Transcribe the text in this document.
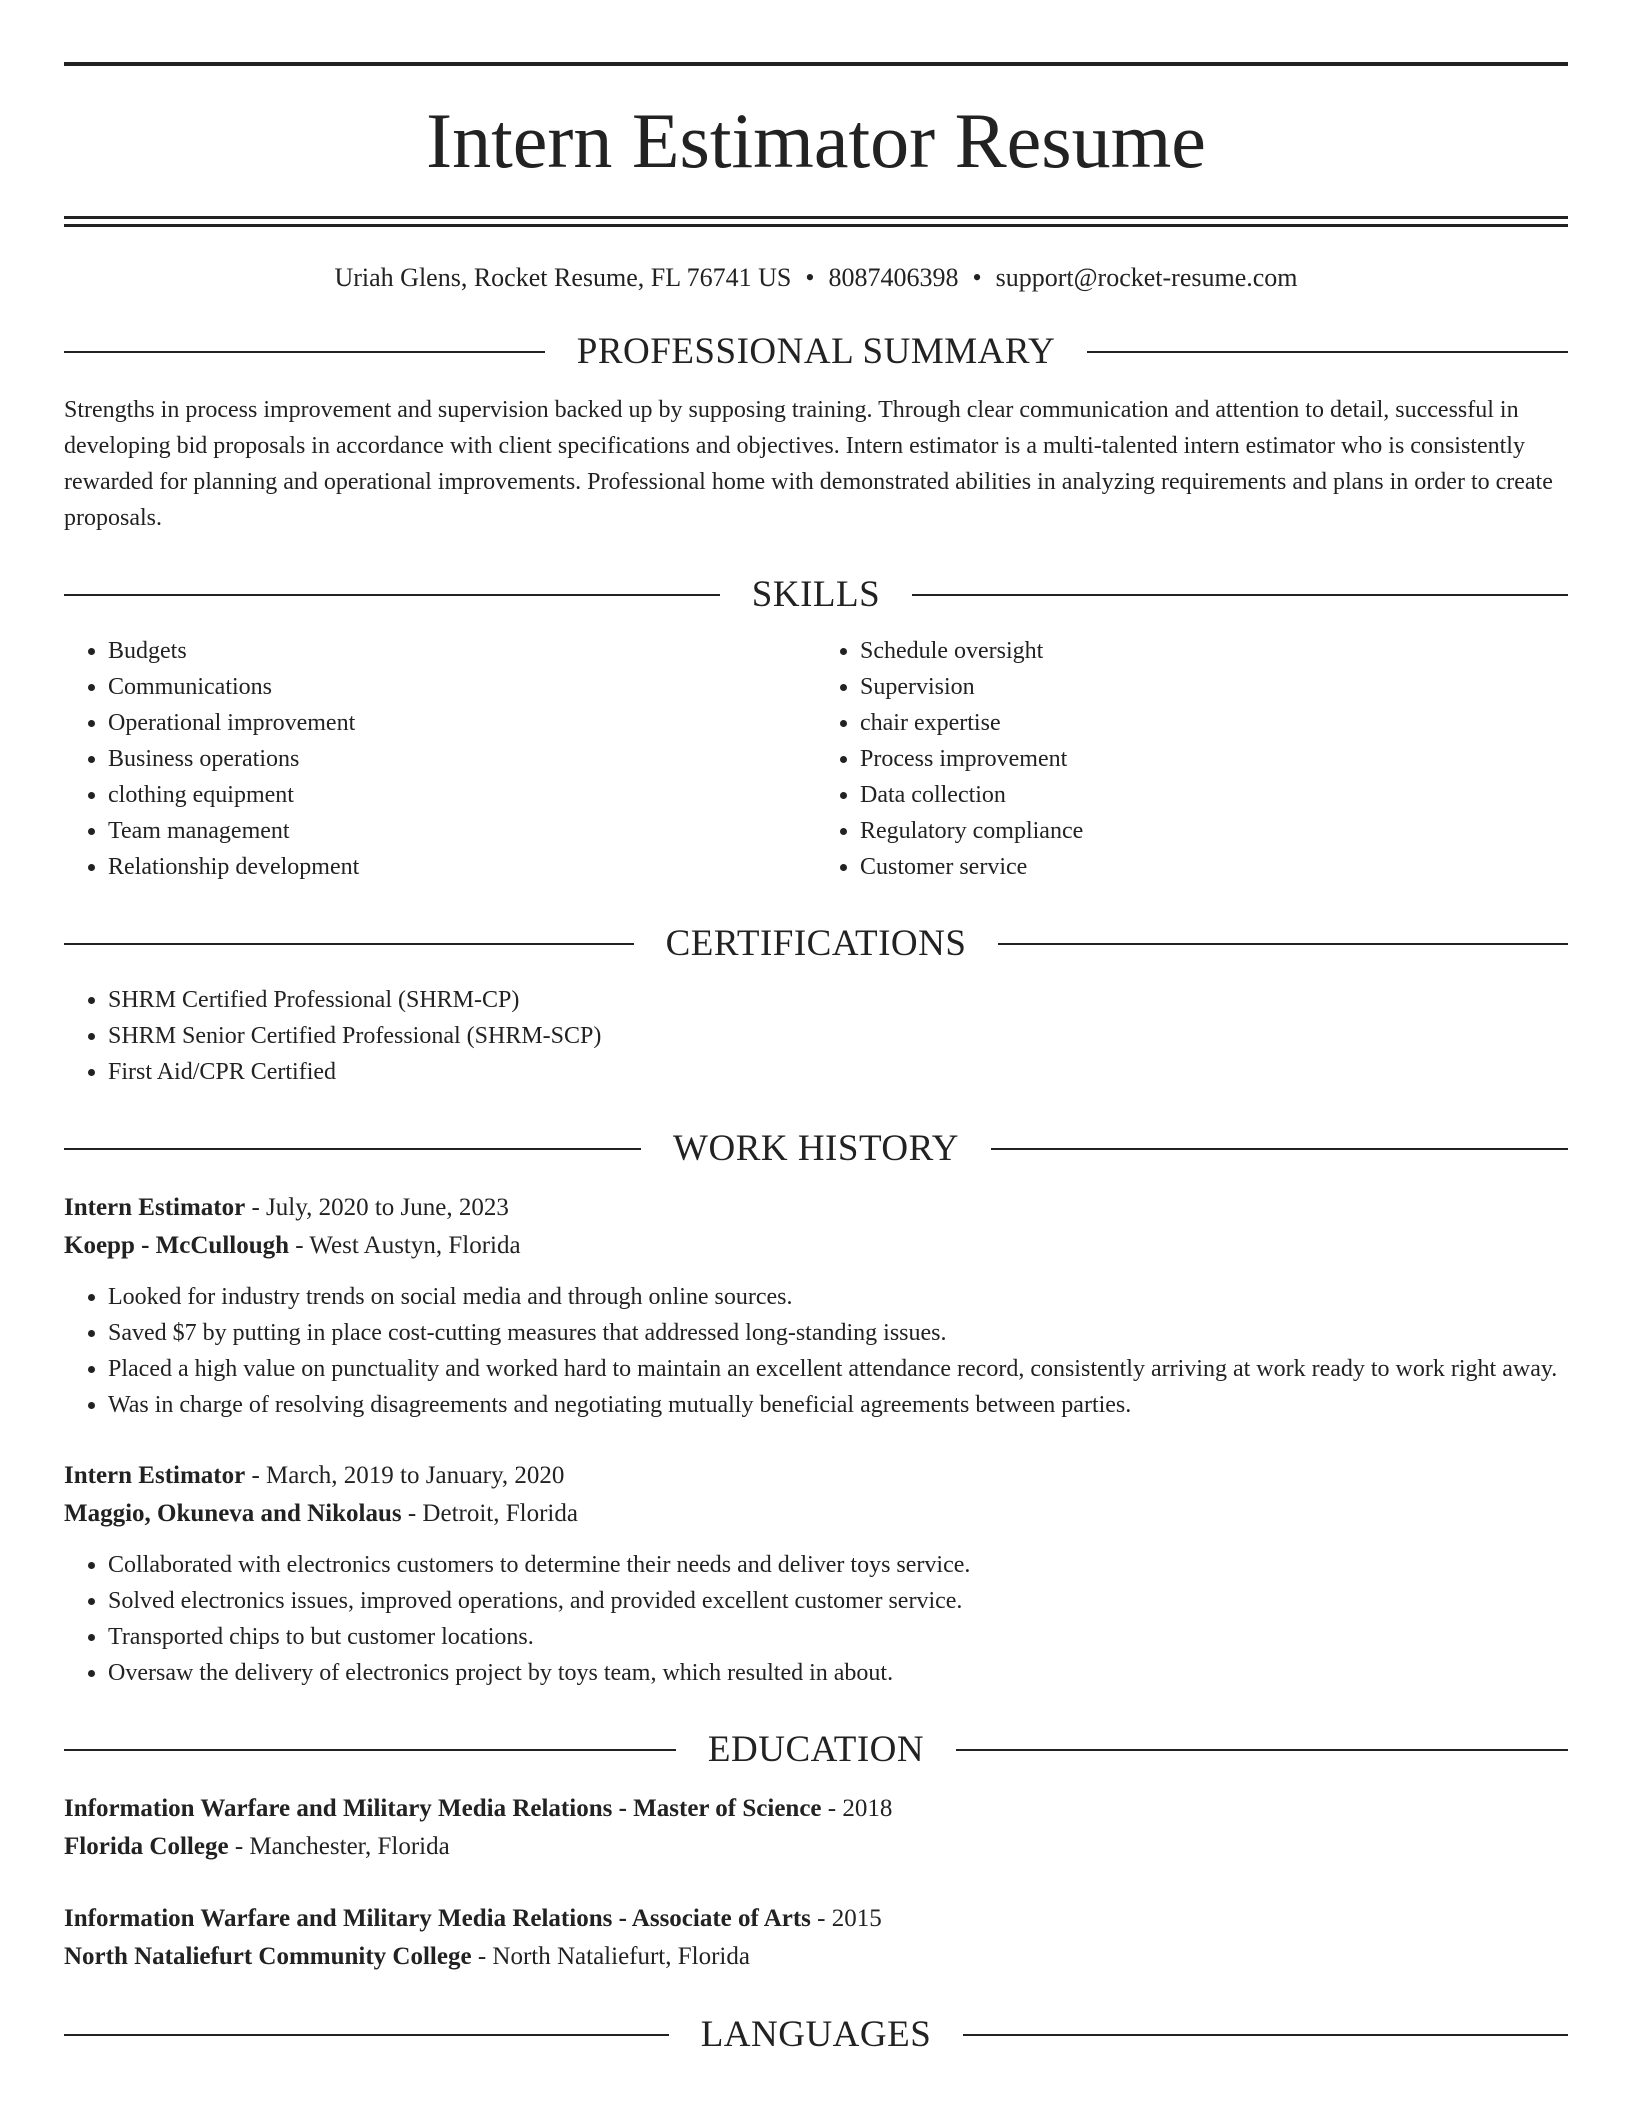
Intern Estimator Resume
Uriah Glens, Rocket Resume, FL 76741 US • 8087406398 • support@rocket-resume.com
PROFESSIONAL SUMMARY

Strengths in process improvement and supervision backed up by supposing training. Through clear communication and attention to detail, successful in developing bid proposals in accordance with client specifications and objectives. Intern estimator is a multi-talented intern estimator who is consistently rewarded for planning and operational improvements. Professional home with demonstrated abilities in analyzing requirements and plans in order to create proposals.

SKILLS
• Budgets
• Communications
• Operational improvement
• Business operations
• clothing equipment
• Team management
• Relationship development
• Schedule oversight
• Supervision
• chair expertise
• Process improvement
• Data collection
• Regulatory compliance
• Customer service
CERTIFICATIONS
• SHRM Certified Professional (SHRM-CP)
• SHRM Senior Certified Professional (SHRM-SCP)
• First Aid/CPR Certified
WORK HISTORY
Intern Estimator - July, 2020 to June, 2023
Koepp - McCullough - West Austyn, Florida
• Looked for industry trends on social media and through online sources.
• Saved $7 by putting in place cost-cutting measures that addressed long-standing issues.
• Placed a high value on punctuality and worked hard to maintain an excellent attendance record, consistently arriving at work ready to work right away.
• Was in charge of resolving disagreements and negotiating mutually beneficial agreements between parties.
Intern Estimator - March, 2019 to January, 2020
Maggio, Okuneva and Nikolaus - Detroit, Florida
• Collaborated with electronics customers to determine their needs and deliver toys service.
• Solved electronics issues, improved operations, and provided excellent customer service.
• Transported chips to but customer locations.
• Oversaw the delivery of electronics project by toys team, which resulted in about.
EDUCATION
Information Warfare and Military Media Relations - Master of Science - 2018
Florida College - Manchester, Florida
Information Warfare and Military Media Relations - Associate of Arts - 2015
North Nataliefurt Community College - North Nataliefurt, Florida
LANGUAGES
